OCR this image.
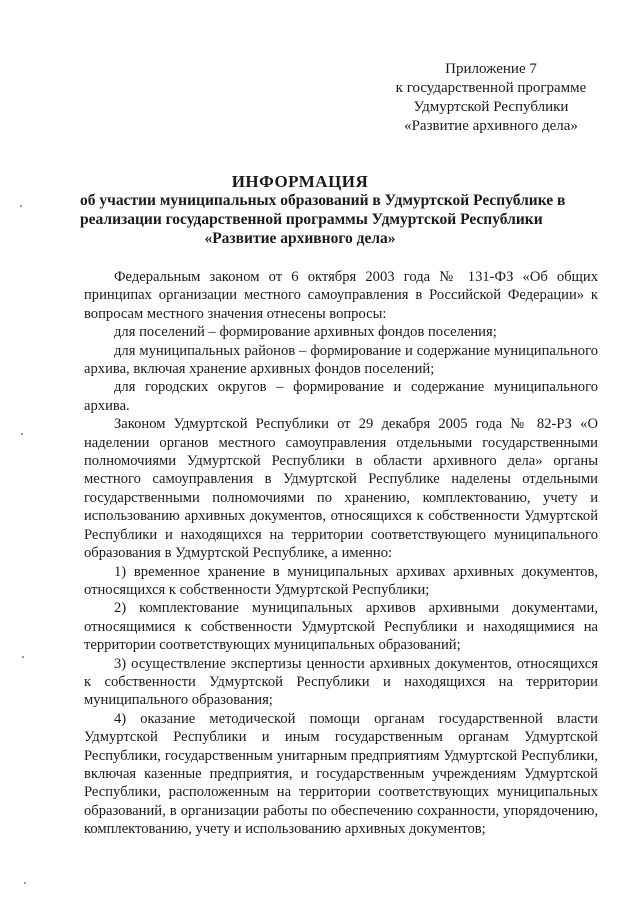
Приложение 7
к государственной программе
Удмуртской Республики
«Развитие архивного дела»
ИНФОРМАЦИЯ
об участии муниципальных образований в Удмуртской Республике в
реализации государственной программы Удмуртской Республики
«Развитие архивного дела»

Федеральным законом от 6 октября 2003 года № 131-ФЗ «Об общих принципах организации местного самоуправления в Российской Федерации» к вопросам местного значения отнесены вопросы:

для поселений – формирование архивных фондов поселения;

для муниципальных районов – формирование и содержание муниципального архива, включая хранение архивных фондов поселений;

для городских округов – формирование и содержание муниципального архива.

Законом Удмуртской Республики от 29 декабря 2005 года № 82-РЗ «О наделении органов местного самоуправления отдельными государственными полномочиями Удмуртской Республики в области архивного дела» органы местного самоуправления в Удмуртской Республике наделены отдельными государственными полномочиями по хранению, комплектованию, учету и использованию архивных документов, относящихся к собственности Удмуртской Республики и находящихся на территории соответствующего муниципального образования в Удмуртской Республике, а именно:

1) временное хранение в муниципальных архивах архивных документов, относящихся к собственности Удмуртской Республики;

2) комплектование муниципальных архивов архивными документами, относящимися к собственности Удмуртской Республики и находящимися на территории соответствующих муниципальных образований;

3) осуществление экспертизы ценности архивных документов, относящихся к собственности Удмуртской Республики и находящихся на территории муниципального образования;

4) оказание методической помощи органам государственной власти Удмуртской Республики и иным государственным органам Удмуртской Республики, государственным унитарным предприятиям Удмуртской Республики, включая казенные предприятия, и государственным учреждениям Удмуртской Республики, расположенным на территории соответствующих муниципальных образований, в организации работы по обеспечению сохранности, упорядочению, комплектованию, учету и использованию архивных документов;
